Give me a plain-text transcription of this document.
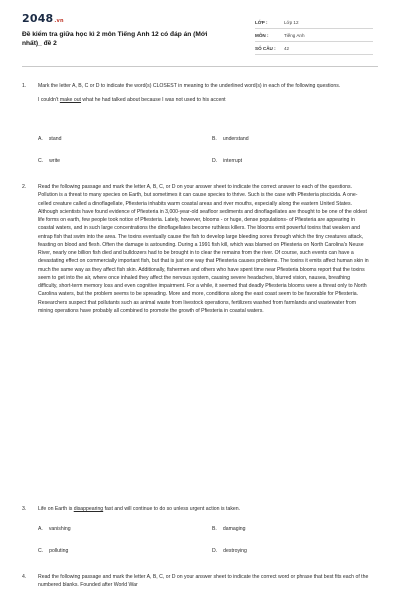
2048.vn
Đề kiểm tra giữa học kì 2 môn Tiếng Anh 12 có đáp án (Mới nhất)_ đề 2
LỚP :	Lớp 12
MÔN :	Tiếng Anh
SỐ CÂU :	42
1.	Mark the letter A, B, C or D to indicate the word(s) CLOSEST in meaning to the underlined word(s) in each of the following questions.
I couldn't make out what he had talked about because I was not used to his accent
A. stand	B. understand
C. write	D. interrupt
2.	Read the following passage and mark the letter A, B, C, or D on your answer sheet to indicate the correct answer to each of the questions. Pollution is a threat to many species on Earth, but sometimes it can cause species to thrive. Such is the case with Pfiesteria piscicida. A one-celled creature called a dinoflagellate, Pfiesteria inhabits warm coastal areas and river mouths, especially along the eastern United States. Although scientists have found evidence of Pfiesteria in 3,000-year-old seafloor sediments and dinoflagellates are thought to be one of the oldest life forms on earth, few people took notice of Pfiesteria. Lately, however, blooms - or huge, dense populations- of Pfiesteria are appearing in coastal waters, and in such large concentrations the dinoflagellates become ruthless killers. The blooms emit powerful toxins that weaken and entrap fish that swim into the area. The toxins eventually cause the fish to develop large bleeding sores through which the tiny creatures attack, feasting on blood and flesh. Often the damage is astounding. During a 1991 fish kill, which was blamed on Pfiesteria on North Carolina's Neuse River, nearly one billion fish died and bulldozers had to be brought in to clear the remains from the river. Of course, such events can have a devastating effect on commercially important fish, but that is just one way that Pfiesteria causes problems. The toxins it emits affect human skin in much the same way as they affect fish skin. Additionally, fishermen and others who have spent time near Pfiesteria blooms report that the toxins seem to get into the air, where once inhaled they affect the nervous system, causing severe headaches, blurred vision, nausea, breathing difficulty, short-term memory loss and even cognitive impairment. For a while, it seemed that deadly Pfiesteria blooms were a threat only to North Carolina waters, but the problem seems to be spreading. More and more, conditions along the east coast seem to be favorable for Pfiesteria. Researchers suspect that pollutants such as animal waste from livestock operations, fertilizers washed from farmlands and wastewater from mining operations have probably all combined to promote the growth of Pfiesteria in coastal waters.
3.	Life on Earth is disappearing fast and will continue to do so unless urgent action is taken.
A. vanishing	B. damaging
C. polluting	D. destroying
4.	Read the following passage and mark the letter A, B, C, or D on your answer sheet to indicate the correct word or phrase that best fits each of the numbered blanks. Founded after World War
